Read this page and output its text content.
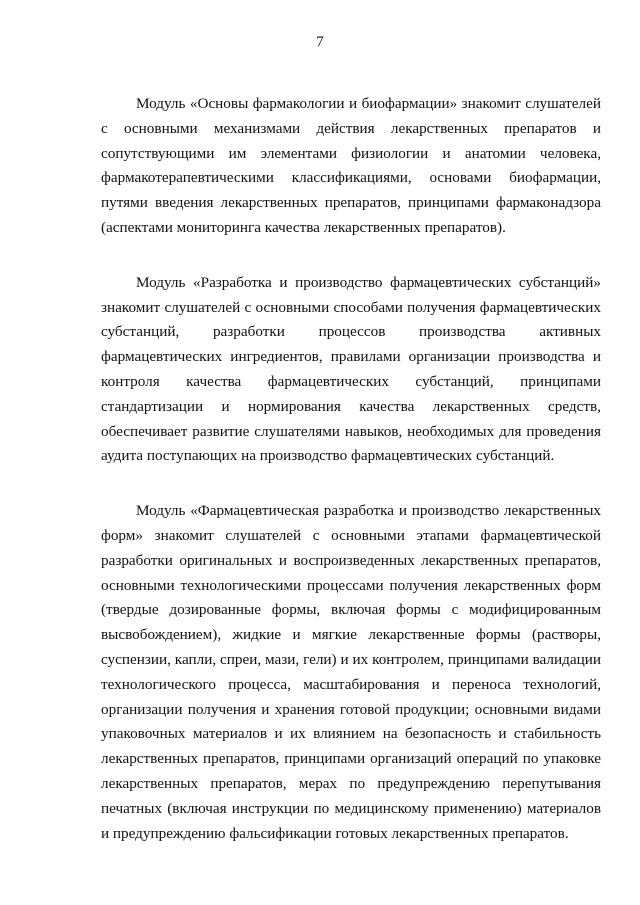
7

Модуль «Основы фармакологии и биофармации» знакомит слушателей с основными механизмами действия лекарственных препаратов и сопутствующими им элементами физиологии и анатомии человека, фармакотерапевтическими классификациями, основами биофармации, путями введения лекарственных препаратов, принципами фармаконадзора (аспектами мониторинга качества лекарственных препаратов).

Модуль «Разработка и производство фармацевтических субстанций» знакомит слушателей с основными способами получения фармацевтических субстанций, разработки процессов производства активных фармацевтических ингредиентов, правилами организации производства и контроля качества фармацевтических субстанций, принципами стандартизации и нормирования качества лекарственных средств, обеспечивает развитие слушателями навыков, необходимых для проведения аудита поступающих на производство фармацевтических субстанций.

Модуль «Фармацевтическая разработка и производство лекарственных форм» знакомит слушателей с основными этапами фармацевтической разработки оригинальных и воспроизведенных лекарственных препаратов, основными технологическими процессами получения лекарственных форм (твердые дозированные формы, включая формы с модифицированным высвобождением), жидкие и мягкие лекарственные формы (растворы, суспензии, капли, спреи, мази, гели) и их контролем, принципами валидации технологического процесса, масштабирования и переноса технологий, организации получения и хранения готовой продукции; основными видами упаковочных материалов и их влиянием на безопасность и стабильность лекарственных препаратов, принципами организаций операций по упаковке лекарственных препаратов, мерах по предупреждению перепутывания печатных (включая инструкции по медицинскому применению) материалов и предупреждению фальсификации готовых лекарственных препаратов.
